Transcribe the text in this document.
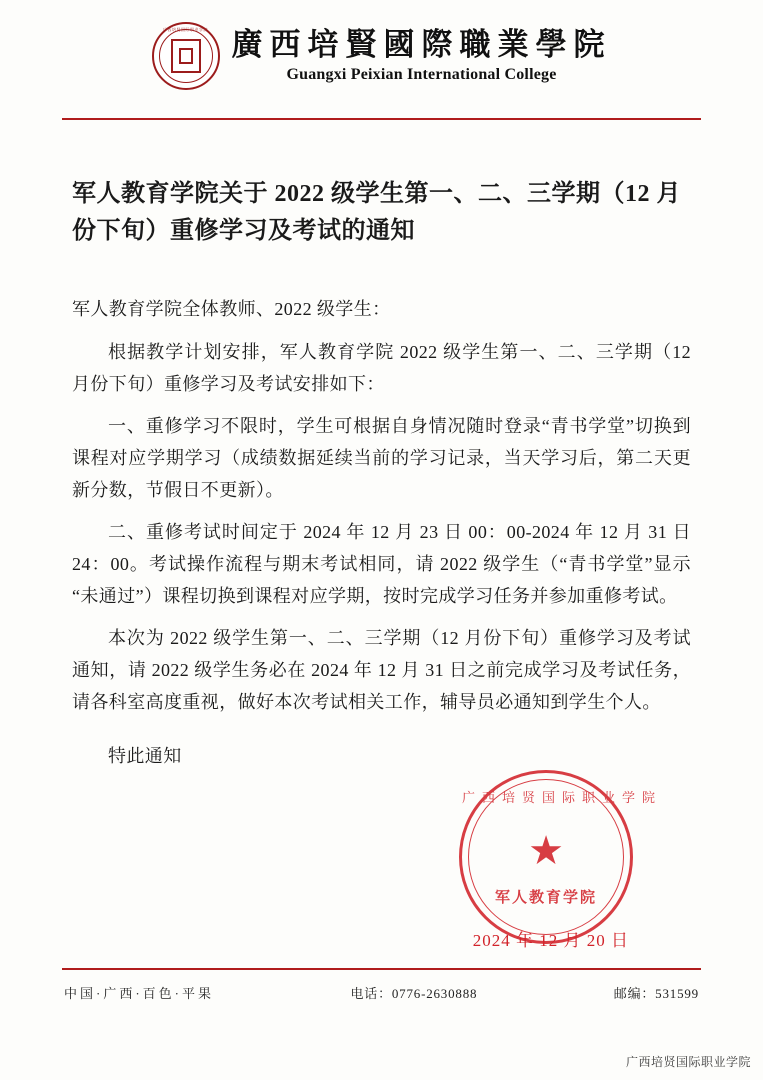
广西培贤国际职业学院 廣西培賢國際職業學院
Guangxi Peixian International College
军人教育学院关于 2022 级学生第一、二、三学期（12 月份下旬）重修学习及考试的通知
军人教育学院全体教师、2022 级学生：

根据教学计划安排，军人教育学院 2022 级学生第一、二、三学期（12 月份下旬）重修学习及考试安排如下：

一、重修学习不限时，学生可根据自身情况随时登录“青书学堂”切换到课程对应学期学习（成绩数据延续当前的学习记录，当天学习后，第二天更新分数，节假日不更新）。

二、重修考试时间定于 2024 年 12 月 23 日 00：00-2024 年 12 月 31 日 24：00。考试操作流程与期末考试相同，请 2022 级学生（“青书学堂”显示“未通过”）课程切换到课程对应学期，按时完成学习任务并参加重修考试。

本次为 2022 级学生第一、二、三学期（12 月份下旬）重修学习及考试通知，请 2022 级学生务必在 2024 年 12 月 31 日之前完成学习及考试任务，请各科室高度重视，做好本次考试相关工作，辅导员必通知到学生个人。

特此通知

广西培贤国际职业学院
★
军人教育学院
2024 年 12 月 20 日
中国·广西·百色·平果	电话：0776-2630888	邮编：531599
广西培贤国际职业学院
